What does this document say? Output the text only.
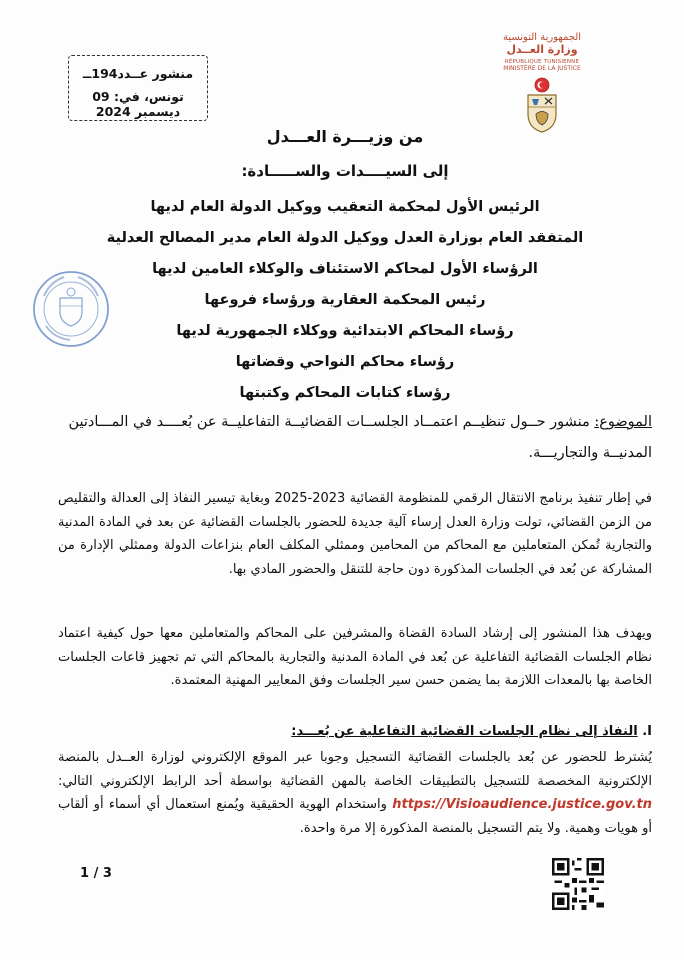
منشور عــدد194ــ
تونس، في: 09 ديسمبر 2024
الجمهورية التونسية
وزارة العــدل
RÉPUBLIQUE TUNISIENNE
MINISTÈRE DE LA JUSTICE
من وزيـــرة العـــدل
إلى السيــــدات والســـــادة:
الرئيس الأول لمحكمة التعقيب ووكيل الدولة العام لديها
المتفقد العام بوزارة العدل ووكيل الدولة العام مدير المصالح العدلية
الرؤساء الأول لمحاكم الاستئناف والوكلاء العامين لديها
رئيس المحكمة العقارية ورؤساء فروعها
رؤساء المحاكم الابتدائية ووكلاء الجمهورية لديها
رؤساء محاكم النواحي وقضاتها
رؤساء كتابات المحاكم وكتبتها
الموضوع: منشور حــول تنظيــم اعتمــاد الجلســات القضائيــة التفاعليــة عن بُعــــد في المـــادتين المدنيــة والتجاريـــة.
في إطار تنفيذ برنامج الانتقال الرقمي للمنظومة القضائية 2023-2025 وبغاية تيسير النفاذ إلى العدالة والتقليص من الزمن القضائي، تولت وزارة العدل إرساء آلية جديدة للحضور بالجلسات القضائية عن بعد في المادة المدنية والتجارية تُمكن المتعاملين مع المحاكم من المحامين وممثلي المكلف العام بنزاعات الدولة وممثلي الإدارة من المشاركة عن بُعد في الجلسات المذكورة دون حاجة للتنقل والحضور المادي بها.
ويهدف هذا المنشور إلى إرشاد السادة القضاة والمشرفين على المحاكم والمتعاملين معها حول كيفية اعتماد نظام الجلسات القضائية التفاعلية عن بُعد في المادة المدنية والتجارية بالمحاكم التي تم تجهيز قاعات الجلسات الخاصة بها بالمعدات اللازمة بما يضمن حسن سير الجلسات وفق المعايير المهنية المعتمدة.
I. النفاذ إلى نظام الجلسات القضائية التفاعلية عن بُعـــد:
يُشترط للحضور عن بُعد بالجلسات القضائية التسجيل وجوبا عبر الموقع الإلكتروني لوزارة العــدل بالمنصة الإلكترونية المخصصة للتسجيل بالتطبيقات الخاصة بالمهن القضائية بواسطة أحد الرابط الإلكتروني التالي: https://Visioaudience.justice.gov.tn واستخدام الهوية الحقيقية ويُمنع استعمال أي أسماء أو ألقاب أو هويات وهمية. ولا يتم التسجيل بالمنصة المذكورة إلا مرة واحدة.
1 / 3
